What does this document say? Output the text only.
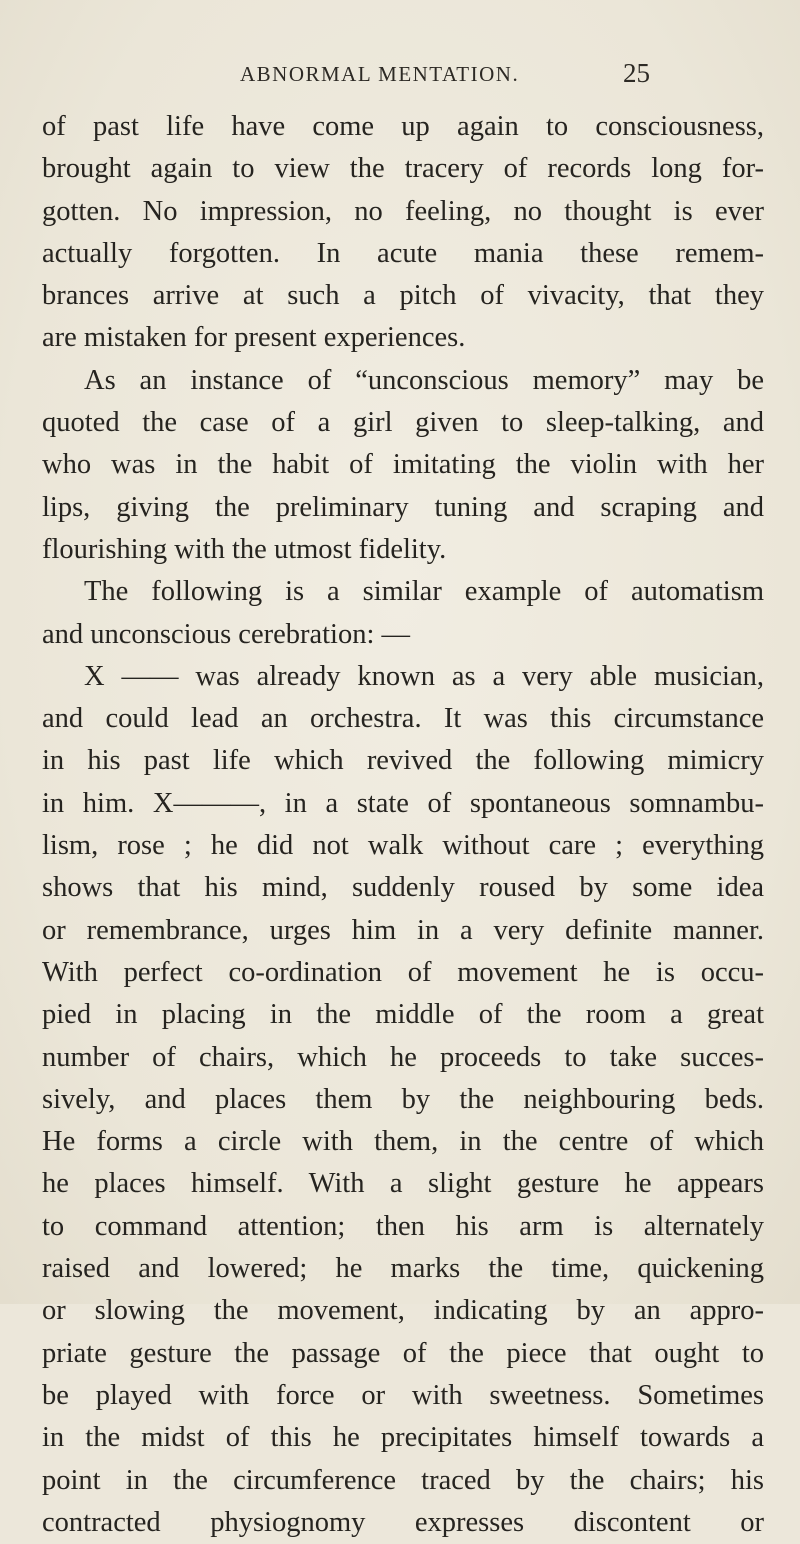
ABNORMAL MENTATION.	25
of past life have come up again to consciousness,
brought again to view the tracery of records long for-
gotten. No impression, no feeling, no thought is ever
actually forgotten. In acute mania these remem-
brances arrive at such a pitch of vivacity, that they
are mistaken for present experiences.
As an instance of “unconscious memory” may be
quoted the case of a girl given to sleep-talking, and
who was in the habit of imitating the violin with her
lips, giving the preliminary tuning and scraping and
flourishing with the utmost fidelity.
The following is a similar example of automatism
and unconscious cerebration: —
X —— was already known as a very able musician,
and could lead an orchestra. It was this circumstance
in his past life which revived the following mimicry
in him. X———, in a state of spontaneous somnambu-
lism, rose ; he did not walk without care ; everything
shows that his mind, suddenly roused by some idea
or remembrance, urges him in a very definite manner.
With perfect co-ordination of movement he is occu-
pied in placing in the middle of the room a great
number of chairs, which he proceeds to take succes-
sively, and places them by the neighbouring beds.
He forms a circle with them, in the centre of which
he places himself. With a slight gesture he appears
to command attention; then his arm is alternately
raised and lowered; he marks the time, quickening
or slowing the movement, indicating by an appro-
priate gesture the passage of the piece that ought to
be played with force or with sweetness. Sometimes
in the midst of this he precipitates himself towards a
point in the circumference traced by the chairs; his
contracted physiognomy expresses discontent or
